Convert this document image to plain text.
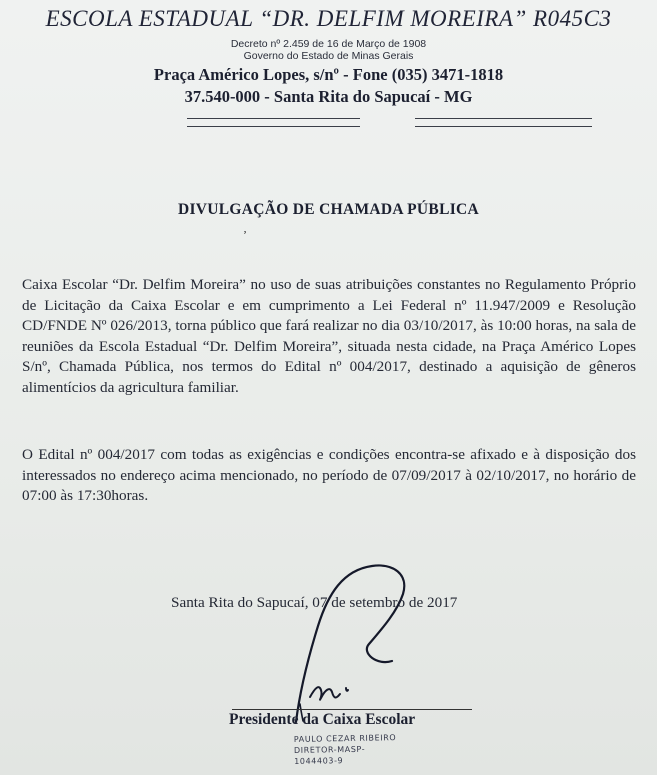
ESCOLA ESTADUAL “DR. DELFIM MOREIRA” R045C3
Decreto nº 2.459 de 16 de Março de 1908
Governo do Estado de Minas Gerais
Praça Américo Lopes, s/nº - Fone (035) 3471-1818
37.540-000 - Santa Rita do Sapucaí - MG
DIVULGAÇÃO DE CHAMADA PÚBLICA
ʼ
Caixa Escolar “Dr. Delfim Moreira” no uso de suas atribuições constantes no Regulamento Próprio de Licitação da Caixa Escolar e em cumprimento a Lei Federal nº 11.947/2009 e Resolução CD/FNDE Nº 026/2013, torna público que fará realizar no dia 03/10/2017, às 10:00 horas, na sala de reuniões da Escola Estadual “Dr. Delfim Moreira”, situada nesta cidade, na Praça Américo Lopes S/nº, Chamada Pública, nos termos do Edital nº 004/2017, destinado a aquisição de gêneros alimentícios da agricultura familiar.
O Edital nº 004/2017 com todas as exigências e condições encontra-se afixado e à disposição dos interessados no endereço acima mencionado, no período de 07/09/2017 à 02/10/2017, no horário de 07:00 às 17:30horas.
Santa Rita do Sapucaí, 07 de setembro de 2017
Presidente da Caixa Escolar
PAULO CEZAR RIBEIRO
DIRETOR-MASP-1044403-9
